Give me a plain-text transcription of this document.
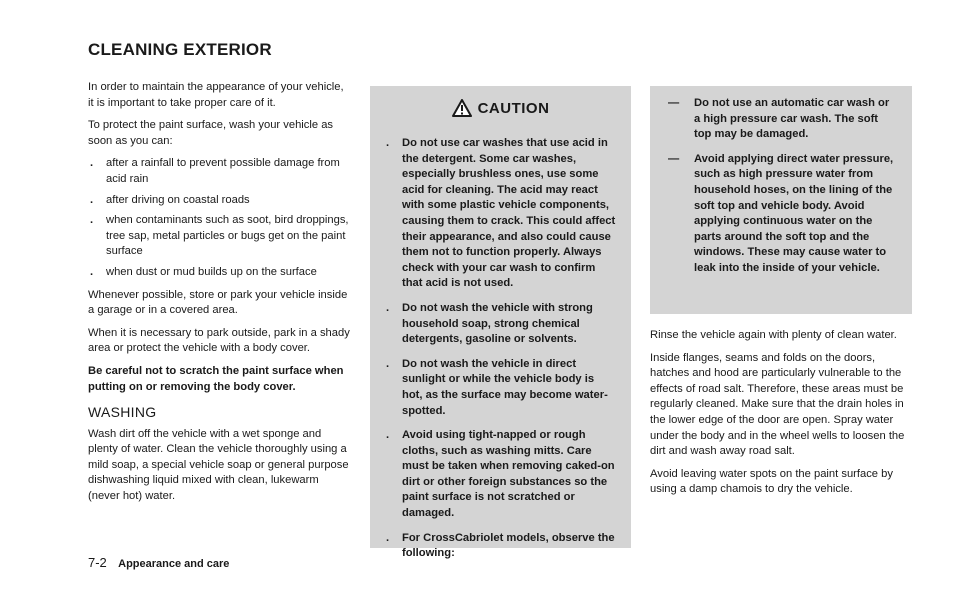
CLEANING EXTERIOR

In order to maintain the appearance of your vehicle, it is important to take proper care of it.

To protect the paint surface, wash your vehicle as soon as you can:

. after a rainfall to prevent possible damage from acid rain
. after driving on coastal roads
. when contaminants such as soot, bird droppings, tree sap, metal particles or bugs get on the paint surface
. when dust or mud builds up on the surface

Whenever possible, store or park your vehicle inside a garage or in a covered area.

When it is necessary to park outside, park in a shady area or protect the vehicle with a body cover.

Be careful not to scratch the paint surface when putting on or removing the body cover.

WASHING

Wash dirt off the vehicle with a wet sponge and plenty of water. Clean the vehicle thoroughly using a mild soap, a special vehicle soap or general purpose dishwashing liquid mixed with clean, lukewarm (never hot) water.

CAUTION
. Do not use car washes that use acid in the detergent. Some car washes, especially brushless ones, use some acid for cleaning. The acid may react with some plastic vehicle components, causing them to crack. This could affect their appearance, and also could cause them not to function properly. Always check with your car wash to confirm that acid is not used.
. Do not wash the vehicle with strong household soap, strong chemical detergents, gasoline or solvents.
. Do not wash the vehicle in direct sunlight or while the vehicle body is hot, as the surface may become water-spotted.
. Avoid using tight-napped or rough cloths, such as washing mitts. Care must be taken when removing caked-on dirt or other foreign substances so the paint surface is not scratched or damaged.
. For CrossCabriolet models, observe the following:
— Do not use an automatic car wash or a high pressure car wash. The soft top may be damaged.
— Avoid applying direct water pressure, such as high pressure water from household hoses, on the lining of the soft top and vehicle body. Avoid applying continuous water on the parts around the soft top and the windows. These may cause water to leak into the inside of your vehicle.

Rinse the vehicle again with plenty of clean water.

Inside flanges, seams and folds on the doors, hatches and hood are particularly vulnerable to the effects of road salt. Therefore, these areas must be regularly cleaned. Make sure that the drain holes in the lower edge of the door are open. Spray water under the body and in the wheel wells to loosen the dirt and wash away road salt.

Avoid leaving water spots on the paint surface by using a damp chamois to dry the vehicle.

7-2 Appearance and care
